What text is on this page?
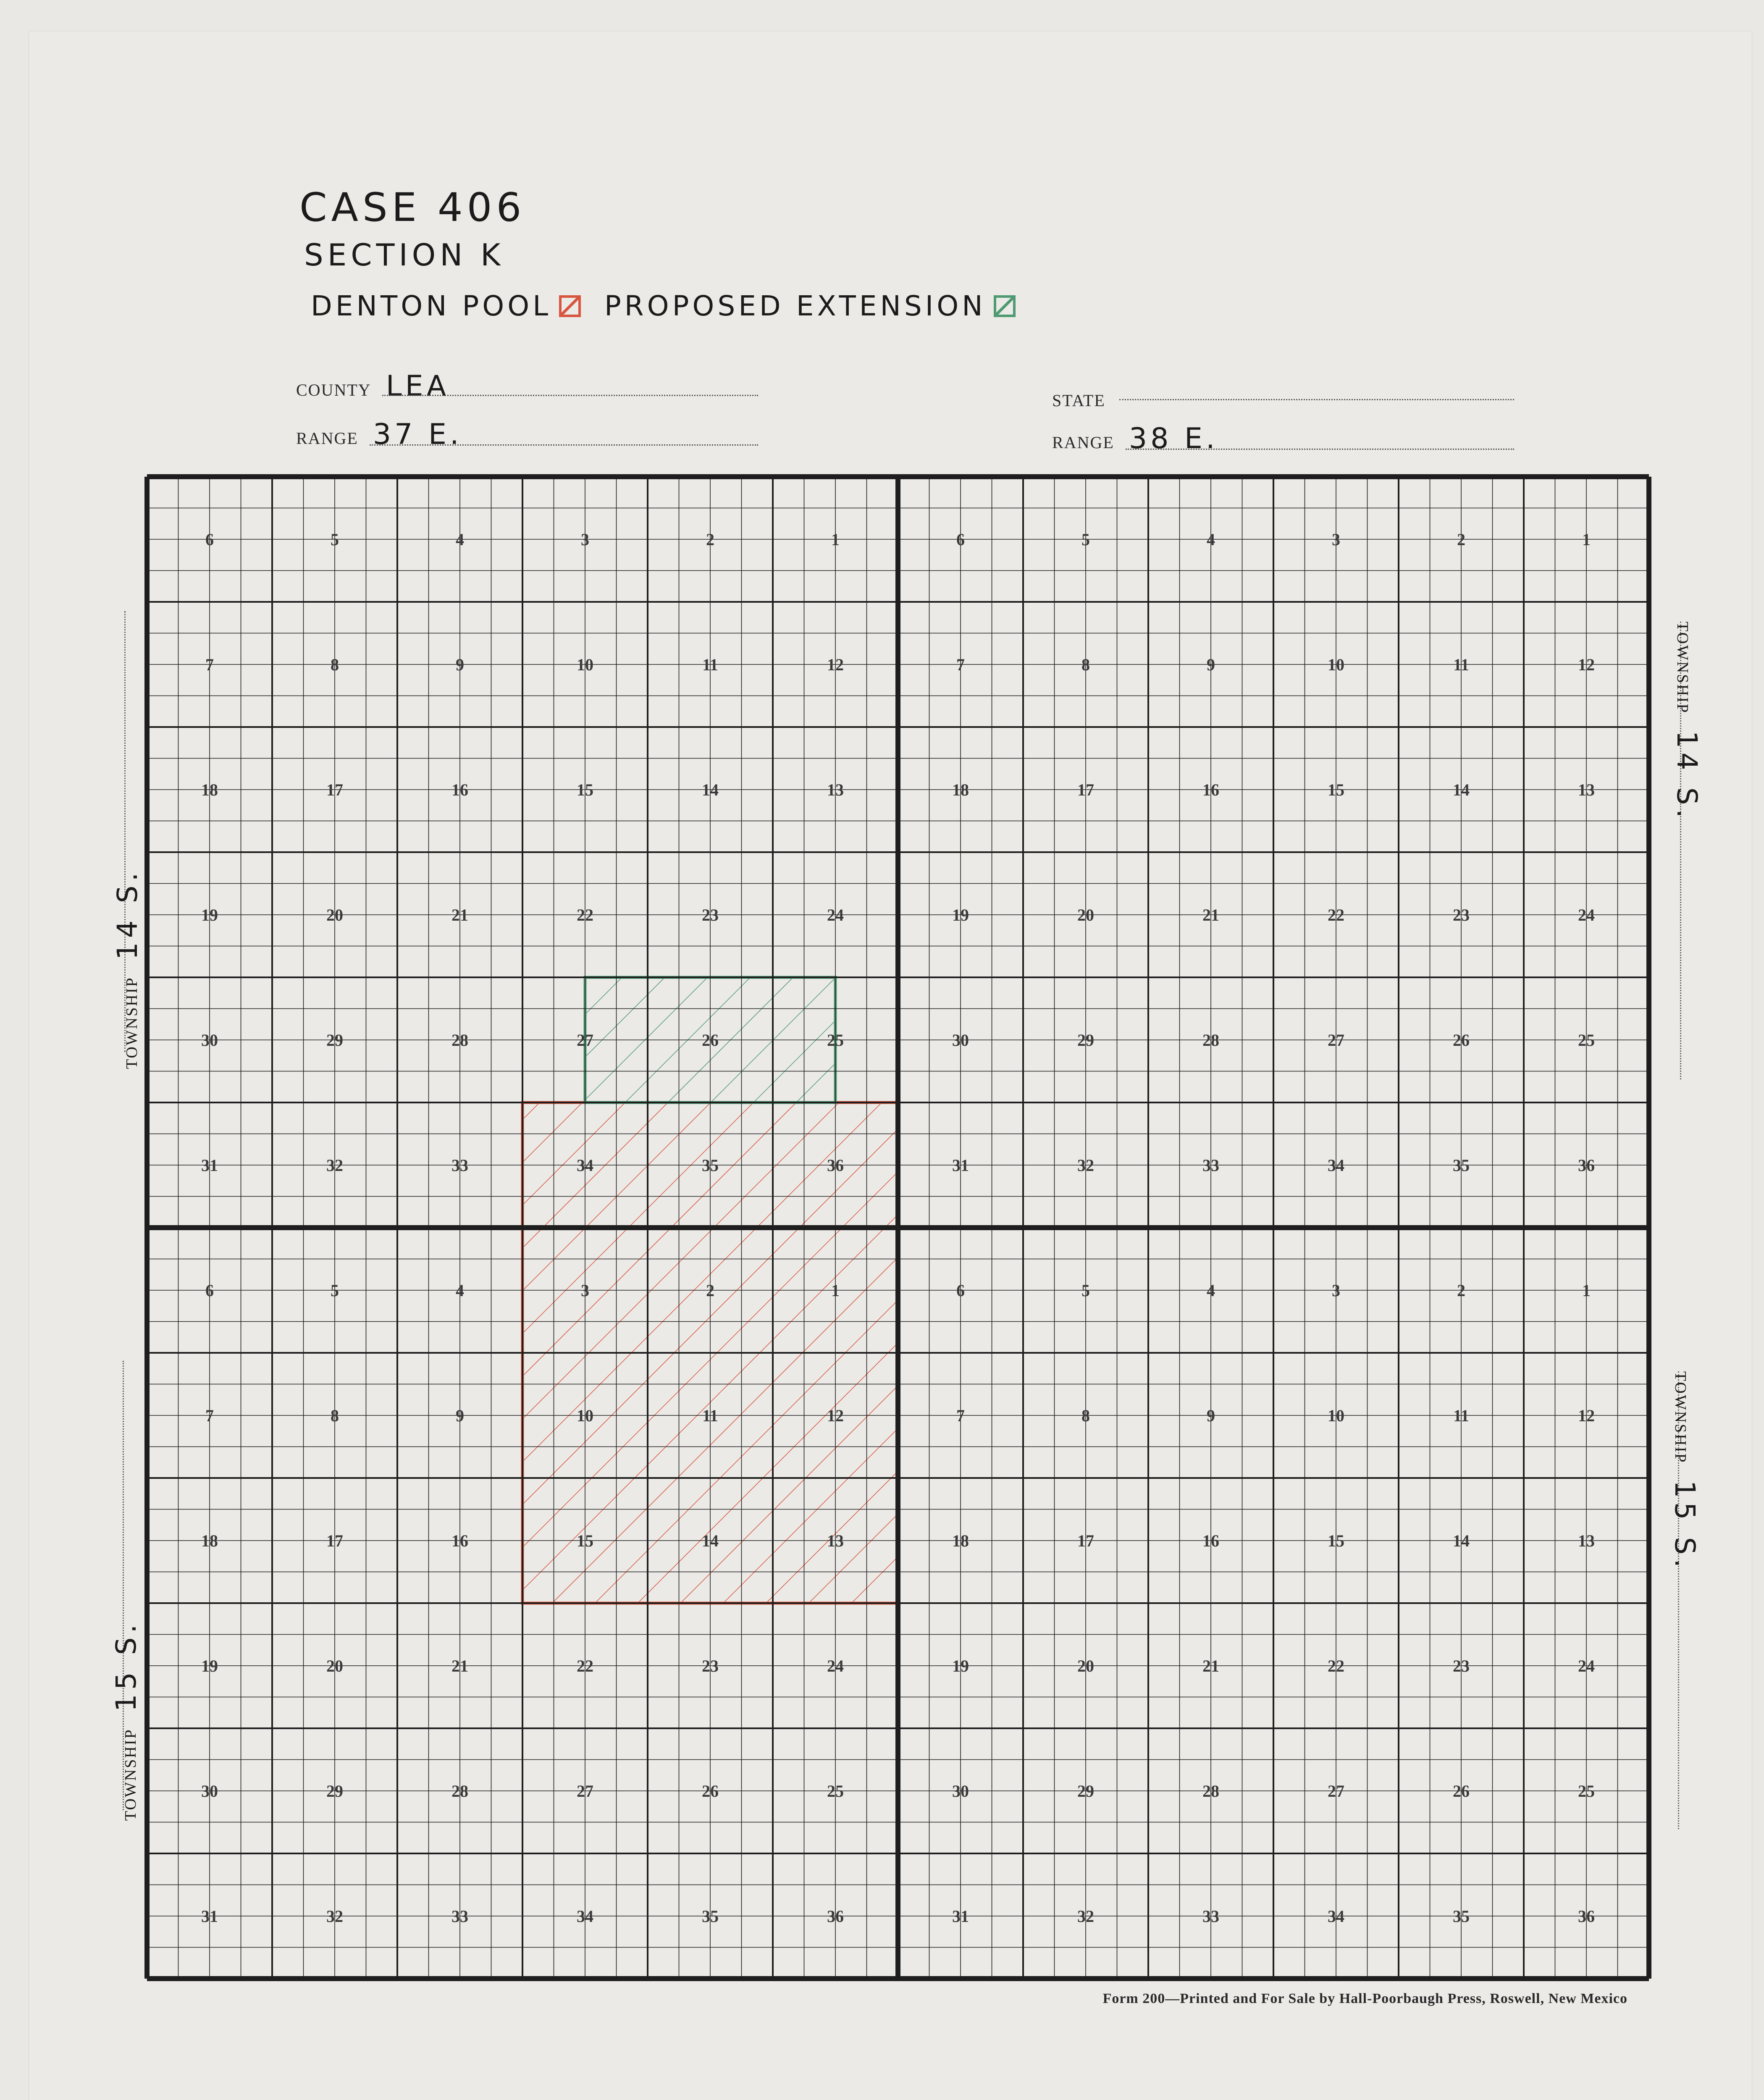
CASE 406
SECTION K
DENTON POOL PROPOSED EXTENSION
COUNTY LEA	STATE
RANGE 37 E.	RANGE 38 E.
TOWNSHIP14 S.
TOWNSHIP15 S.
TOWNSHIP14 S.
TOWNSHIP15 S.
6	5	4	3	2	1
7	8	9	10	11	12
18	17	16	15	14	13
19	20	21	22	23	24
30	29	28	27	26	25
31	32	33	34	35	36
6	5	4	3	2	1
7	8	9	10	11	12
18	17	16	15	14	13
19	20	21	22	23	24
30	29	28	27	26	25
31	32	33	34	35	36
6	5	4	3	2	1
7	8	9	10	11	12
18	17	16	15	14	13
19	20	21	22	23	24
30	29	28	27	26	25
31	32	33	34	35	36
6	5	4	3	2	1
7	8	9	10	11	12
18	17	16	15	14	13
19	20	21	22	23	24
30	29	28	27	26	25
31	32	33	34	35	36
Form 200—Printed and For Sale by Hall-Poorbaugh Press, Roswell, New Mexico
